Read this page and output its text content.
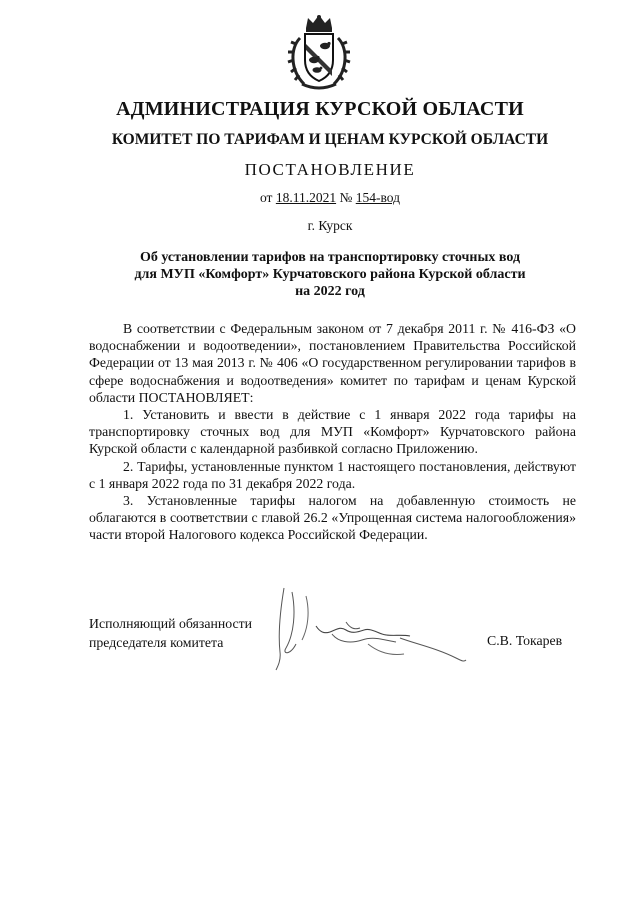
АДМИНИСТРАЦИЯ КУРСКОЙ ОБЛАСТИ
КОМИТЕТ ПО ТАРИФАМ И ЦЕНАМ КУРСКОЙ ОБЛАСТИ
ПОСТАНОВЛЕНИЕ
от 18.11.2021 № 154-вод
г. Курск
Об установлении тарифов на транспортировку сточных вод
для МУП «Комфорт» Курчатовского района Курской области
на 2022 год

В соответствии с Федеральным законом от 7 декабря 2011 г. № 416-ФЗ «О водоснабжении и водоотведении», постановлением Правительства Российской Федерации от 13 мая 2013 г. № 406 «О государственном регулировании тарифов в сфере водоснабжения и водоотведения» комитет по тарифам и ценам Курской области ПОСТАНОВЛЯЕТ:

1. Установить и ввести в действие с 1 января 2022 года тарифы на транспортировку сточных вод для МУП «Комфорт» Курчатовского района Курской области с календарной разбивкой согласно Приложению.

2. Тарифы, установленные пунктом 1 настоящего постановления, действуют с 1 января 2022 года по 31 декабря 2022 года.

3. Установленные тарифы налогом на добавленную стоимость не облагаются в соответствии с главой 26.2 «Упрощенная система налогообложения» части второй Налогового кодекса Российской Федерации.

Исполняющий обязанности
председателя комитета	С.В. Токарев
